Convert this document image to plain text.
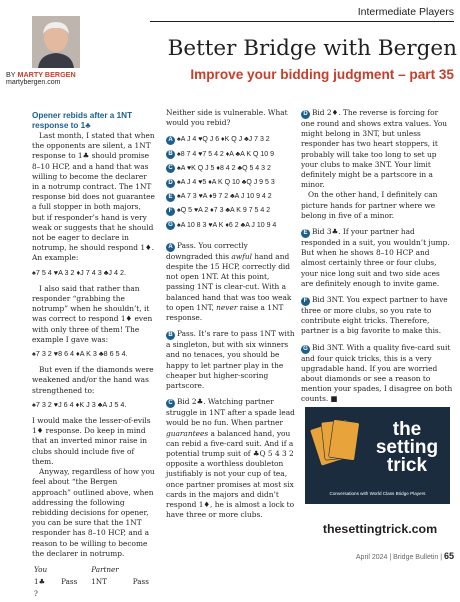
Intermediate Players
Better Bridge with Bergen
Improve your bidding judgment – part 35
BY MARTY BERGEN
martybergen.com

Opener rebids after a 1NT

response to 1♣

Last month, I stated that when the opponents are silent, a 1NT response to 1♣ should promise 8–10 HCP, and a hand that was willing to become the declarer in a notrump contract. The 1NT response bid does not guarantee a full stopper in both majors, but if responder’s hand is very weak or suggests that he should not be eager to declare in notrump, he should respond 1♦. An example:

♠7 5 4 ♥A 3 2 ♦J 7 4 3 ♣J 4 2.

I also said that rather than responder “grabbing the notrump” when he shouldn’t, it was correct to respond 1♦ even with only three of them! The example I gave was:

♠7 3 2 ♥8 6 4 ♦A K 3 ♣8 6 5 4.

But even if the diamonds were weakened and/or the hand was strengthened to:

♠7 3 2 ♥J 6 4 ♦K J 3 ♣A J 5 4.

I would make the lesser-of-evils 1♦ response. Do keep in mind that an inverted minor raise in clubs should include five of them.

Anyway, regardless of how you feel about “the Bergen approach” outlined above, when addressing the following rebidding decisions for opener, you can be sure that the 1NT responder has 8–10 HCP, and a reason to be willing to become the declarer in notrump.

You		Partner	
1♣	Pass	1NT	Pass
?			

Neither side is vulnerable. What would you rebid?

A ♠A J 4 ♥Q J 6 ♦K Q J ♣J 7 3 2

B ♠8 7 4 ♥7 5 4 2 ♦A ♣A K Q 10 9

C ♠A ♥K Q J 5 ♦8 4 2 ♣Q 5 4 3 2

D ♠A J 4 ♥5 ♦A K Q 10 ♣Q J 9 5 3

E ♠A 7 3 ♥A ♦9 7 2 ♣A J 10 9 4 2

F ♠Q 5 ♥A 2 ♦7 3 ♣A K 9 7 5 4 2

G ♠A 10 8 3 ♥A K ♦6 2 ♣A J 10 9 4

A Pass. You correctly downgraded this awful hand and despite the 15 HCP, correctly did not open 1NT. At this point, passing 1NT is clear-cut. With a balanced hand that was too weak to open 1NT, never raise a 1NT response.

B Pass. It’s rare to pass 1NT with a singleton, but with six winners and no tenaces, you should be happy to let partner play in the cheaper but higher-scoring partscore.

C Bid 2♣. Watching partner struggle in 1NT after a spade lead would be no fun. When partner guarantees a balanced hand, you can rebid a five-card suit. And if a potential trump suit of ♣Q 5 4 3 2 opposite a worthless doubleton justifiably is not your cup of tea, once partner promises at most six cards in the majors and didn’t respond 1♦, he is almost a lock to have three or more clubs.

D Bid 2♦. The reverse is forcing for one round and shows extra values. You might belong in 3NT, but unless responder has two heart stoppers, it probably will take too long to set up your clubs to make 3NT. Your limit definitely might be a partscore in a minor.

On the other hand, I definitely can picture hands for partner where we belong in five of a minor.

E Bid 3♣. If your partner had responded in a suit, you wouldn’t jump. But when he shows 8–10 HCP and almost certainly three or four clubs, your nice long suit and two side aces are definitely enough to invite game.

F Bid 3NT. You expect partner to have three or more clubs, so you rate to contribute eight tricks. Therefore, partner is a big favorite to make this.

G Bid 3NT. With a quality five-card suit and four quick tricks, this is a very upgradable hand. If you are worried about diamonds or see a reason to mention your spades, I disagree on both counts. ■

the
setting
trick
Conversations with World Class Bridge Players
thesettingtrick.com
April 2024 | Bridge Bulletin | 65
